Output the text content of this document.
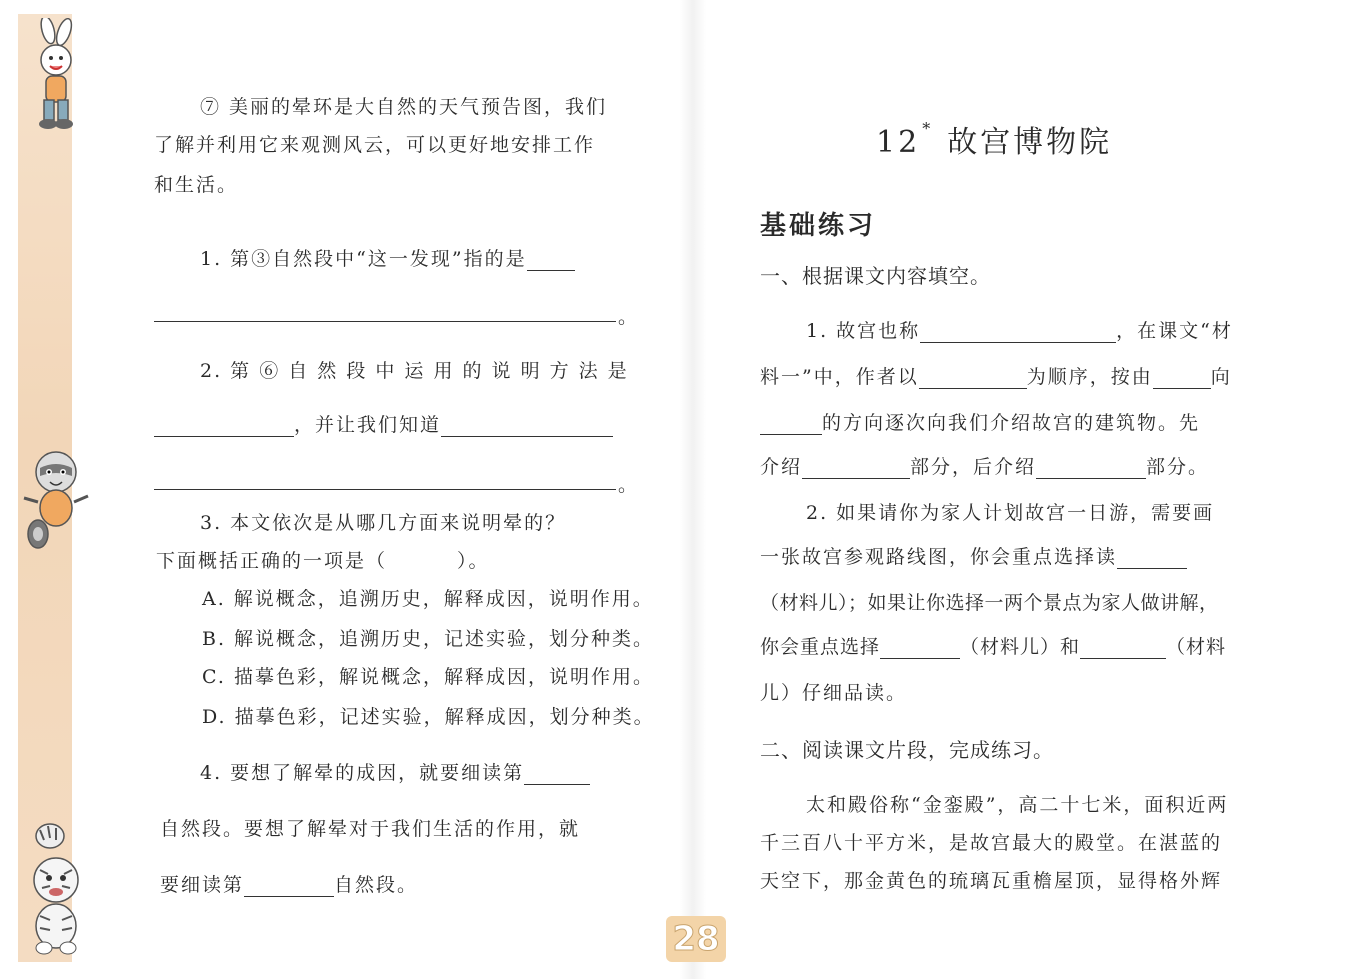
⑦ 美丽的晕环是大自然的天气预告图，我们
了解并利用它来观测风云，可以更好地安排工作
和生活。
1. 第③自然段中“这一发现”指的是
。
2. 第 ⑥ 自 然 段 中 运 用 的 说 明 方 法 是
，并让我们知道
。
3. 本文依次是从哪几方面来说明晕的？
下面概括正确的一项是（	）。
A. 解说概念，追溯历史，解释成因，说明作用。
B. 解说概念，追溯历史，记述实验，划分种类。
C. 描摹色彩，解说概念，解释成因，说明作用。
D. 描摹色彩，记述实验，解释成因，划分种类。
4. 要想了解晕的成因，就要细读第
自然段。要想了解晕对于我们生活的作用，就
要细读第	自然段。
12 * 故宫博物院
基础练习
一、根据课文内容填空。
1. 故宫也称	，在课文“材
料一”中，作者以	为顺序，按由	向
的方向逐次向我们介绍故宫的建筑物。先
介绍	部分，后介绍	部分。
2. 如果请你为家人计划故宫一日游，需要画
一张故宫参观路线图，你会重点选择读
（材料儿）；如果让你选择一两个景点为家人做讲解，
你会重点选择	（材料儿）和	（材料
儿）仔细品读。
二、阅读课文片段，完成练习。
太和殿俗称“金銮殿”，高二十七米，面积近两
千三百八十平方米，是故宫最大的殿堂。在湛蓝的
天空下，那金黄色的琉璃瓦重檐屋顶，显得格外辉
28
